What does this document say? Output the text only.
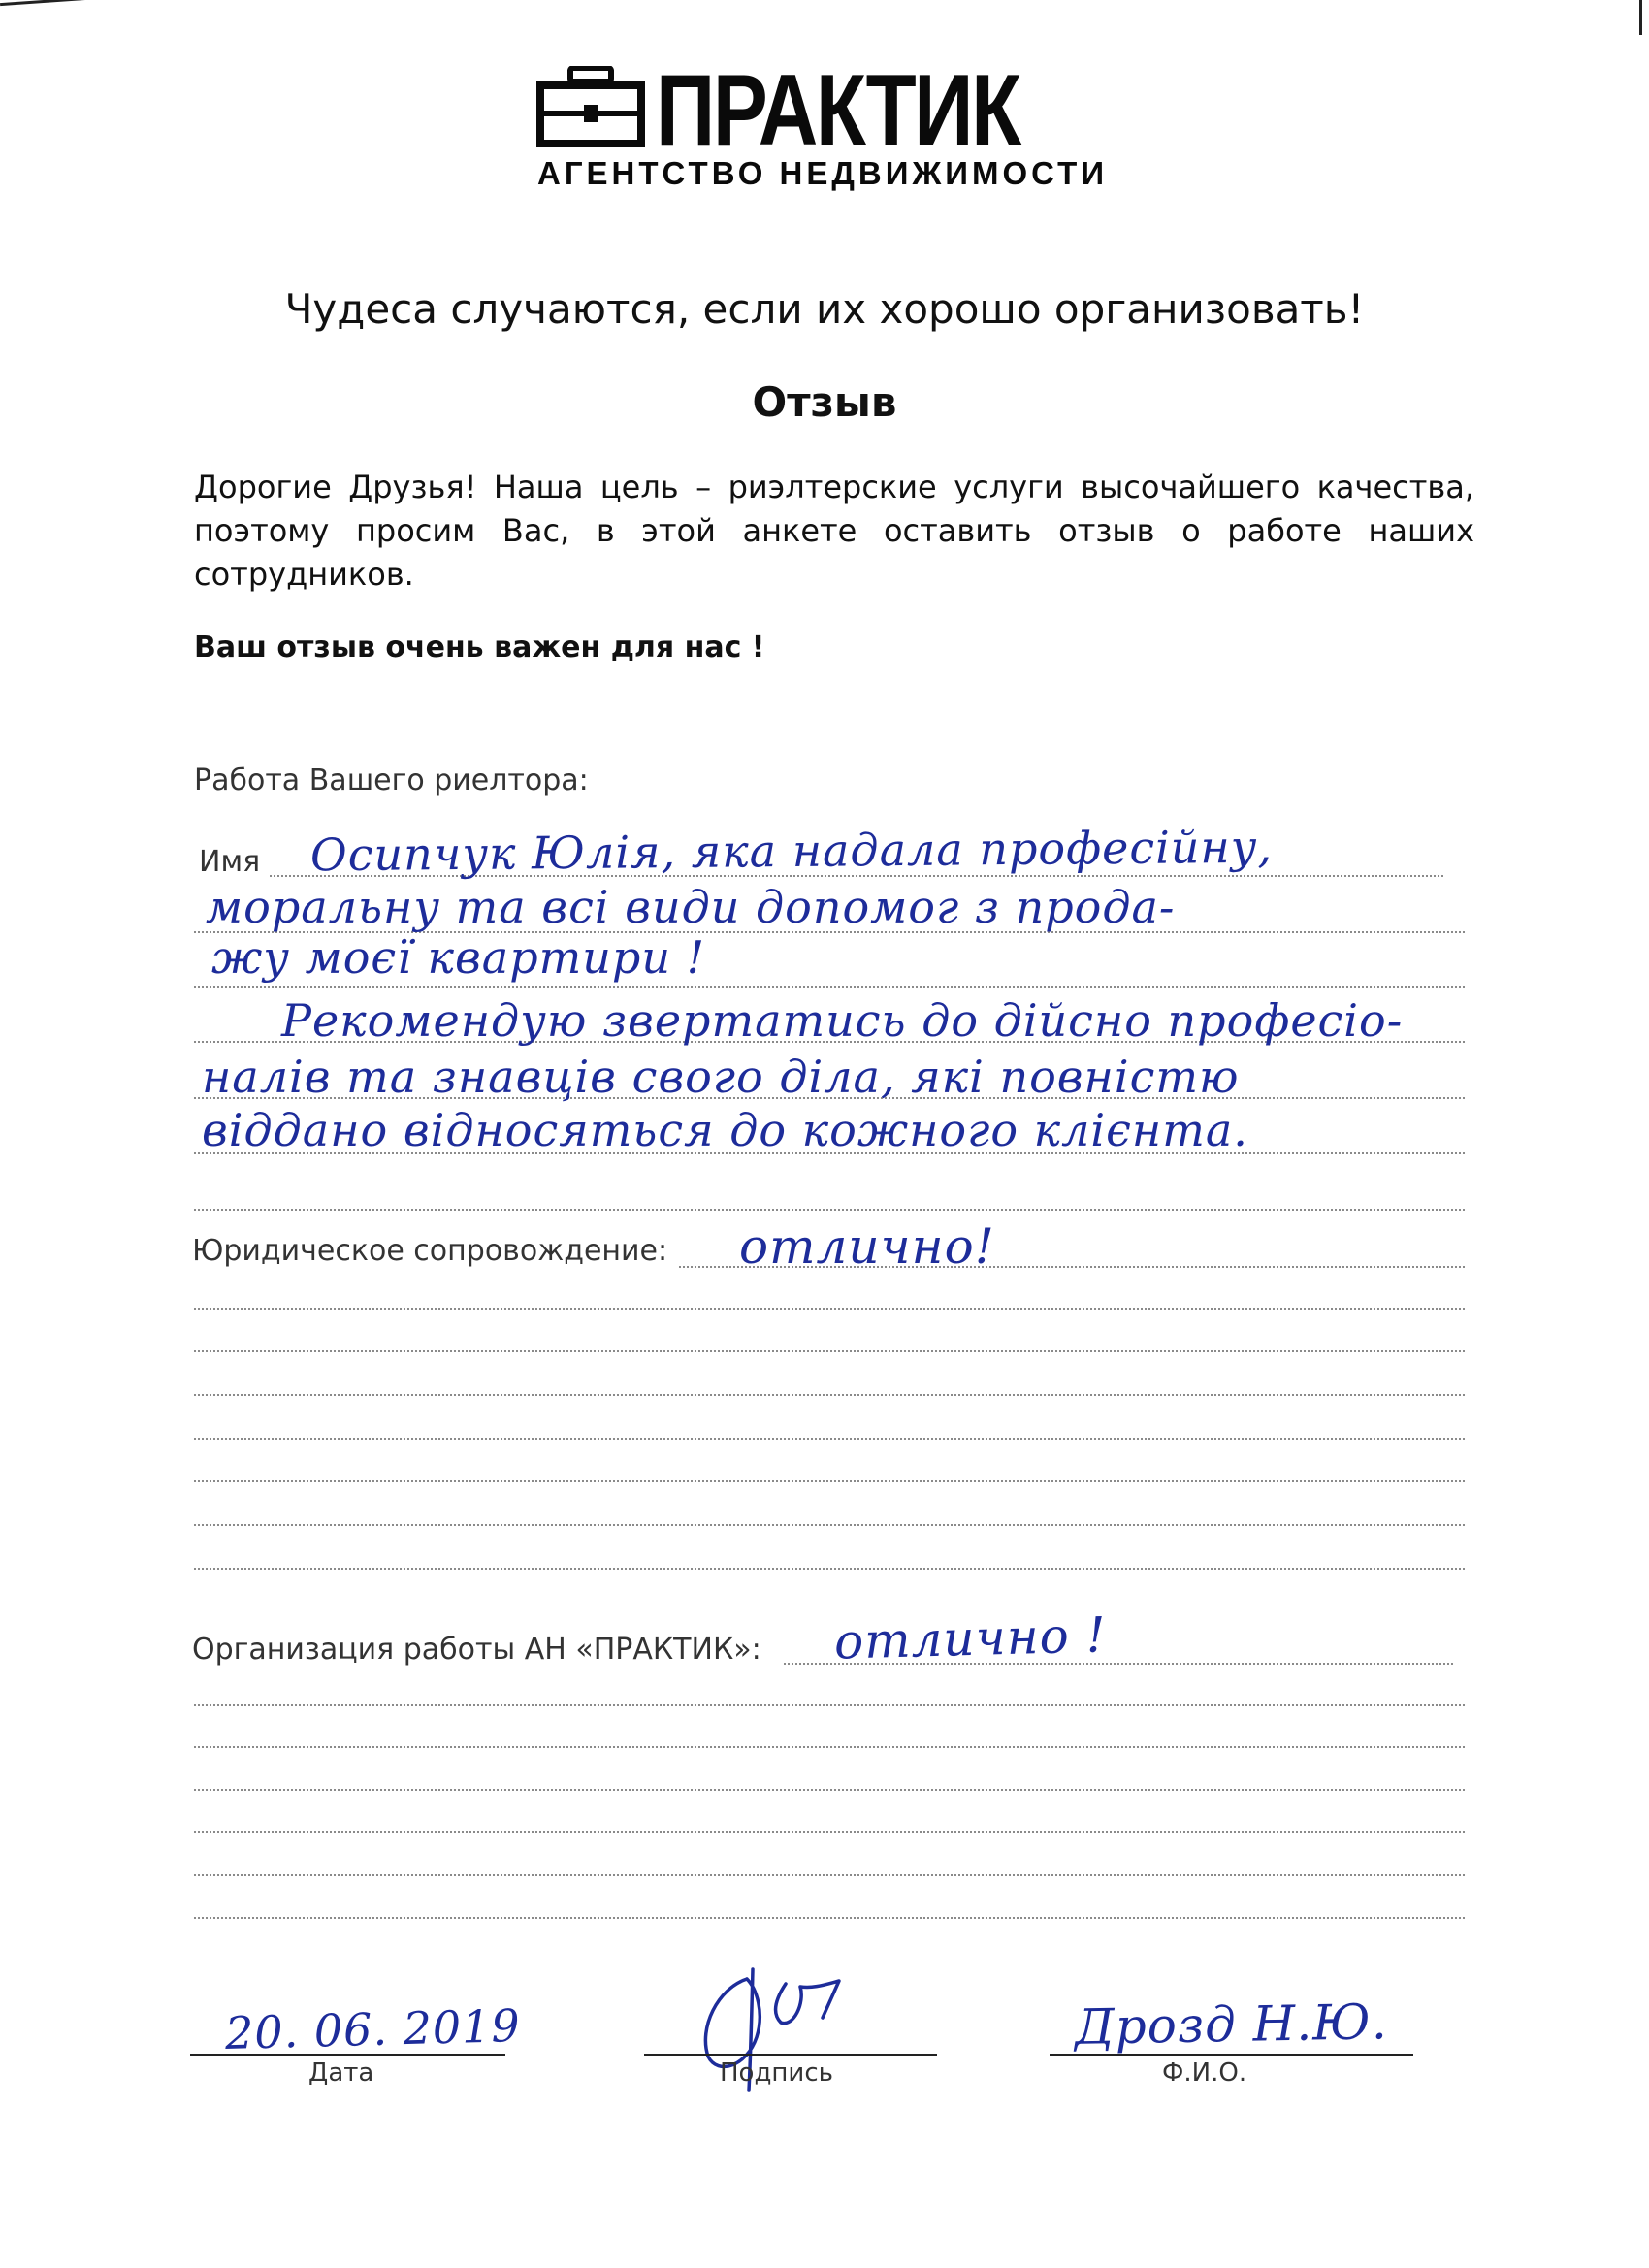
ПРАКТИК
АГЕНТСТВО НЕДВИЖИМОСТИ
Чудеса случаются, если их хорошо организовать!
Отзыв
Дорогие Друзья! Наша цель – риэлтерские услуги высочайшего качества, поэтому просим Вас, в этой анкете оставить отзыв о работе наших сотрудников.
Ваш отзыв очень важен для нас !
Работа Вашего риелтора:
Имя Осипчук Юлія, яка надала професійну,
моральну та всі види допомог з прода-
жу моєї квартири !
Рекомендую звертатись до дійсно професіо-
налів та знавців свого діла, які повністю
віддано відносяться до кожного клієнта.
Юридическое сопровождение: отлично!
Организация работы АН «ПРАКТИК»: отлично !
20. 06. 2019
Дата	Подпись
Дрозд Н.Ю.
Ф.И.О.
